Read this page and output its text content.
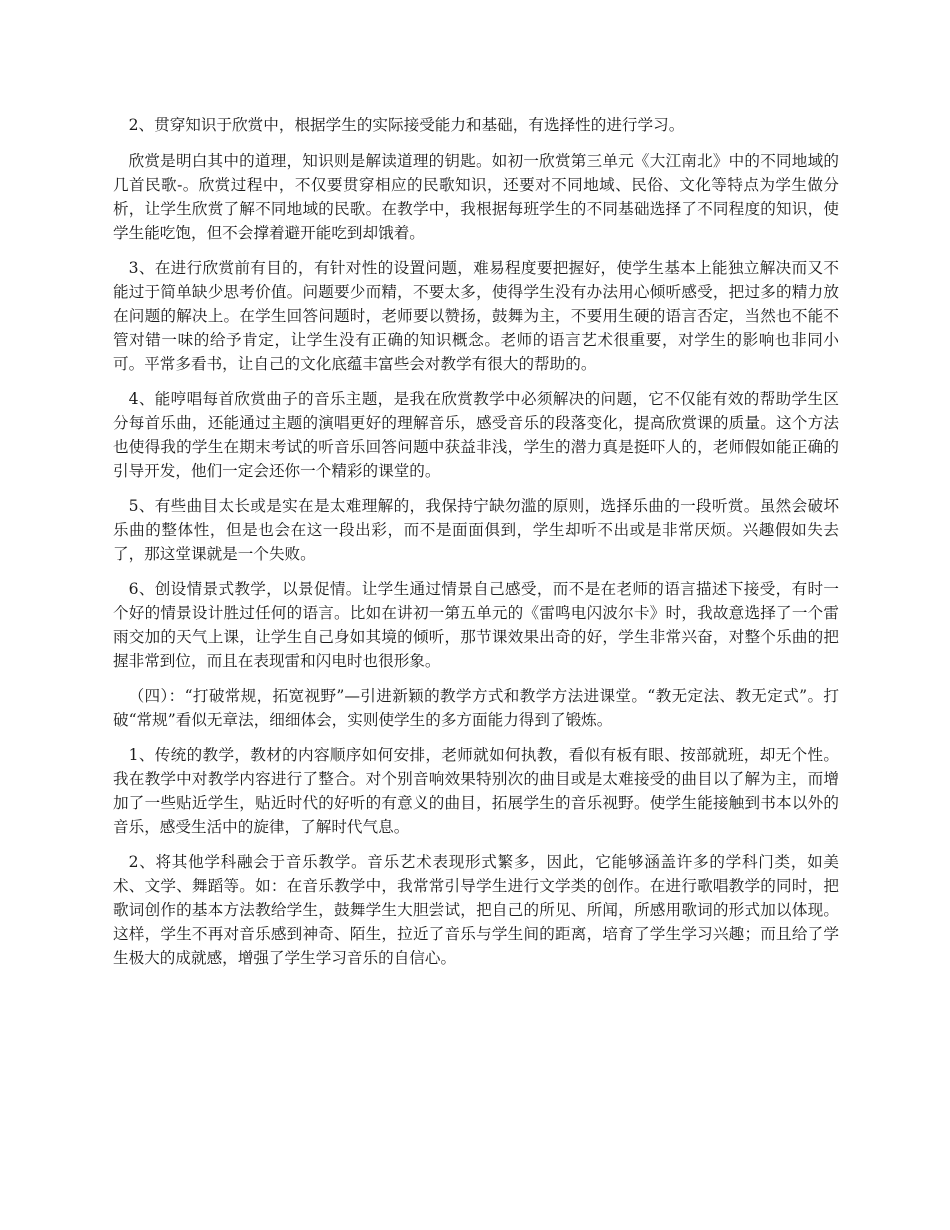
2、贯穿知识于欣赏中，根据学生的实际接受能力和基础，有选择性的进行学习。

欣赏是明白其中的道理，知识则是解读道理的钥匙。如初一欣赏第三单元《大江南北》中的不同地域的几首民歌-。欣赏过程中，不仅要贯穿相应的民歌知识，还要对不同地域、民俗、文化等特点为学生做分析，让学生欣赏了解不同地域的民歌。在教学中，我根据每班学生的不同基础选择了不同程度的知识，使学生能吃饱，但不会撑着避开能吃到却饿着。

3、在进行欣赏前有目的，有针对性的设置问题，难易程度要把握好，使学生基本上能独立解决而又不能过于简单缺少思考价值。问题要少而精，不要太多，使得学生没有办法用心倾听感受，把过多的精力放在问题的解决上。在学生回答问题时，老师要以赞扬，鼓舞为主，不要用生硬的语言否定，当然也不能不管对错一味的给予肯定，让学生没有正确的知识概念。老师的语言艺术很重要，对学生的影响也非同小可。平常多看书，让自己的文化底蕴丰富些会对教学有很大的帮助的。

4、能哼唱每首欣赏曲子的音乐主题，是我在欣赏教学中必须解决的问题，它不仅能有效的帮助学生区分每首乐曲，还能通过主题的演唱更好的理解音乐，感受音乐的段落变化，提高欣赏课的质量。这个方法也使得我的学生在期末考试的听音乐回答问题中获益非浅，学生的潜力真是挺吓人的，老师假如能正确的引导开发，他们一定会还你一个精彩的课堂的。

5、有些曲目太长或是实在是太难理解的，我保持宁缺勿滥的原则，选择乐曲的一段听赏。虽然会破坏乐曲的整体性，但是也会在这一段出彩，而不是面面俱到，学生却听不出或是非常厌烦。兴趣假如失去了，那这堂课就是一个失败。

6、创设情景式教学，以景促情。让学生通过情景自己感受，而不是在老师的语言描述下接受，有时一个好的情景设计胜过任何的语言。比如在讲初一第五单元的《雷鸣电闪波尔卡》时，我故意选择了一个雷雨交加的天气上课，让学生自己身如其境的倾听，那节课效果出奇的好，学生非常兴奋，对整个乐曲的把握非常到位，而且在表现雷和闪电时也很形象。

（四）：“打破常规，拓宽视野”—引进新颖的教学方式和教学方法进课堂。“教无定法、教无定式”。打破“常规”看似无章法，细细体会，实则使学生的多方面能力得到了锻炼。

1、传统的教学，教材的内容顺序如何安排，老师就如何执教，看似有板有眼、按部就班，却无个性。我在教学中对教学内容进行了整合。对个别音响效果特别次的曲目或是太难接受的曲目以了解为主，而增加了一些贴近学生，贴近时代的好听的有意义的曲目，拓展学生的音乐视野。使学生能接触到书本以外的音乐，感受生活中的旋律，了解时代气息。

2、将其他学科融会于音乐教学。音乐艺术表现形式繁多，因此，它能够涵盖许多的学科门类，如美术、文学、舞蹈等。如：在音乐教学中，我常常引导学生进行文学类的创作。在进行歌唱教学的同时，把歌词创作的基本方法教给学生，鼓舞学生大胆尝试，把自己的所见、所闻，所感用歌词的形式加以体现。这样，学生不再对音乐感到神奇、陌生，拉近了音乐与学生间的距离，培育了学生学习兴趣；而且给了学生极大的成就感，增强了学生学习音乐的自信心。
